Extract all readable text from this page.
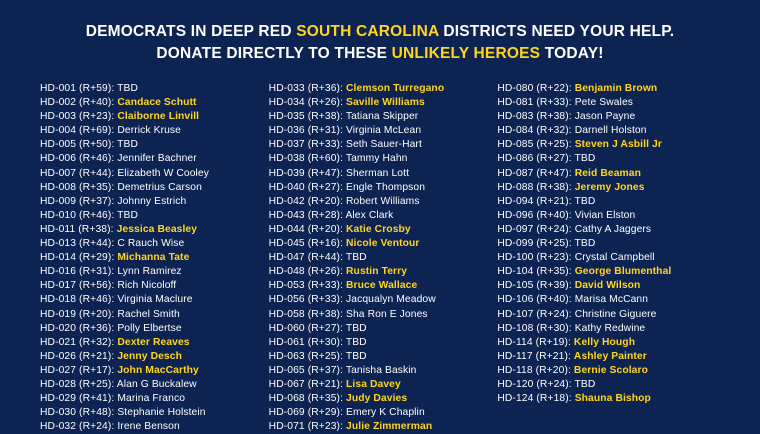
DEMOCRATS IN DEEP RED SOUTH CAROLINA DISTRICTS NEED YOUR HELP.
DONATE DIRECTLY TO THESE UNLIKELY HEROES TODAY!
HD-001 (R+59): TBD
HD-002 (R+40): Candace Schutt
HD-003 (R+23): Claiborne Linvill
HD-004 (R+69): Derrick Kruse
HD-005 (R+50): TBD
HD-006 (R+46): Jennifer Bachner
HD-007 (R+44): Elizabeth W Cooley
HD-008 (R+35): Demetrius Carson
HD-009 (R+37): Johnny Estrich
HD-010 (R+46): TBD
HD-011 (R+38): Jessica Beasley
HD-013 (R+44): C Rauch Wise
HD-014 (R+29): Michanna Tate
HD-016 (R+31): Lynn Ramirez
HD-017 (R+56): Rich Nicoloff
HD-018 (R+46): Virginia Maclure
HD-019 (R+20): Rachel Smith
HD-020 (R+36): Polly Elbertse
HD-021 (R+32): Dexter Reaves
HD-026 (R+21): Jenny Desch
HD-027 (R+17): John MacCarthy
HD-028 (R+25): Alan G Buckalew
HD-029 (R+41): Marina Franco
HD-030 (R+48): Stephanie Holstein
HD-032 (R+24): Irene Benson
HD-033 (R+36): Clemson Turregano
HD-034 (R+26): Saville Williams
HD-035 (R+38): Tatiana Skipper
HD-036 (R+31): Virginia McLean
HD-037 (R+33): Seth Sauer-Hart
HD-038 (R+60): Tammy Hahn
HD-039 (R+47): Sherman Lott
HD-040 (R+27): Engle Thompson
HD-042 (R+20): Robert Williams
HD-043 (R+28): Alex Clark
HD-044 (R+20): Katie Crosby
HD-045 (R+16): Nicole Ventour
HD-047 (R+44): TBD
HD-048 (R+26): Rustin Terry
HD-053 (R+33): Bruce Wallace
HD-056 (R+33): Jacqualyn Meadow
HD-058 (R+38): Sha Ron E Jones
HD-060 (R+27): TBD
HD-061 (R+30): TBD
HD-063 (R+25): TBD
HD-065 (R+37): Tanisha Baskin
HD-067 (R+21): Lisa Davey
HD-068 (R+35): Judy Davies
HD-069 (R+29): Emery K Chaplin
HD-071 (R+23): Julie Zimmerman
HD-080 (R+22): Benjamin Brown
HD-081 (R+33): Pete Swales
HD-083 (R+38): Jason Payne
HD-084 (R+32): Darnell Holston
HD-085 (R+25): Steven J Asbill Jr
HD-086 (R+27): TBD
HD-087 (R+47): Reid Beaman
HD-088 (R+38): Jeremy Jones
HD-094 (R+21): TBD
HD-096 (R+40): Vivian Elston
HD-097 (R+24): Cathy A Jaggers
HD-099 (R+25): TBD
HD-100 (R+23): Crystal Campbell
HD-104 (R+35): George Blumenthal
HD-105 (R+39): David Wilson
HD-106 (R+40): Marisa McCann
HD-107 (R+24): Christine Giguere
HD-108 (R+30): Kathy Redwine
HD-114 (R+19): Kelly Hough
HD-117 (R+21): Ashley Painter
HD-118 (R+20): Bernie Scolaro
HD-120 (R+24): TBD
HD-124 (R+18): Shauna Bishop
